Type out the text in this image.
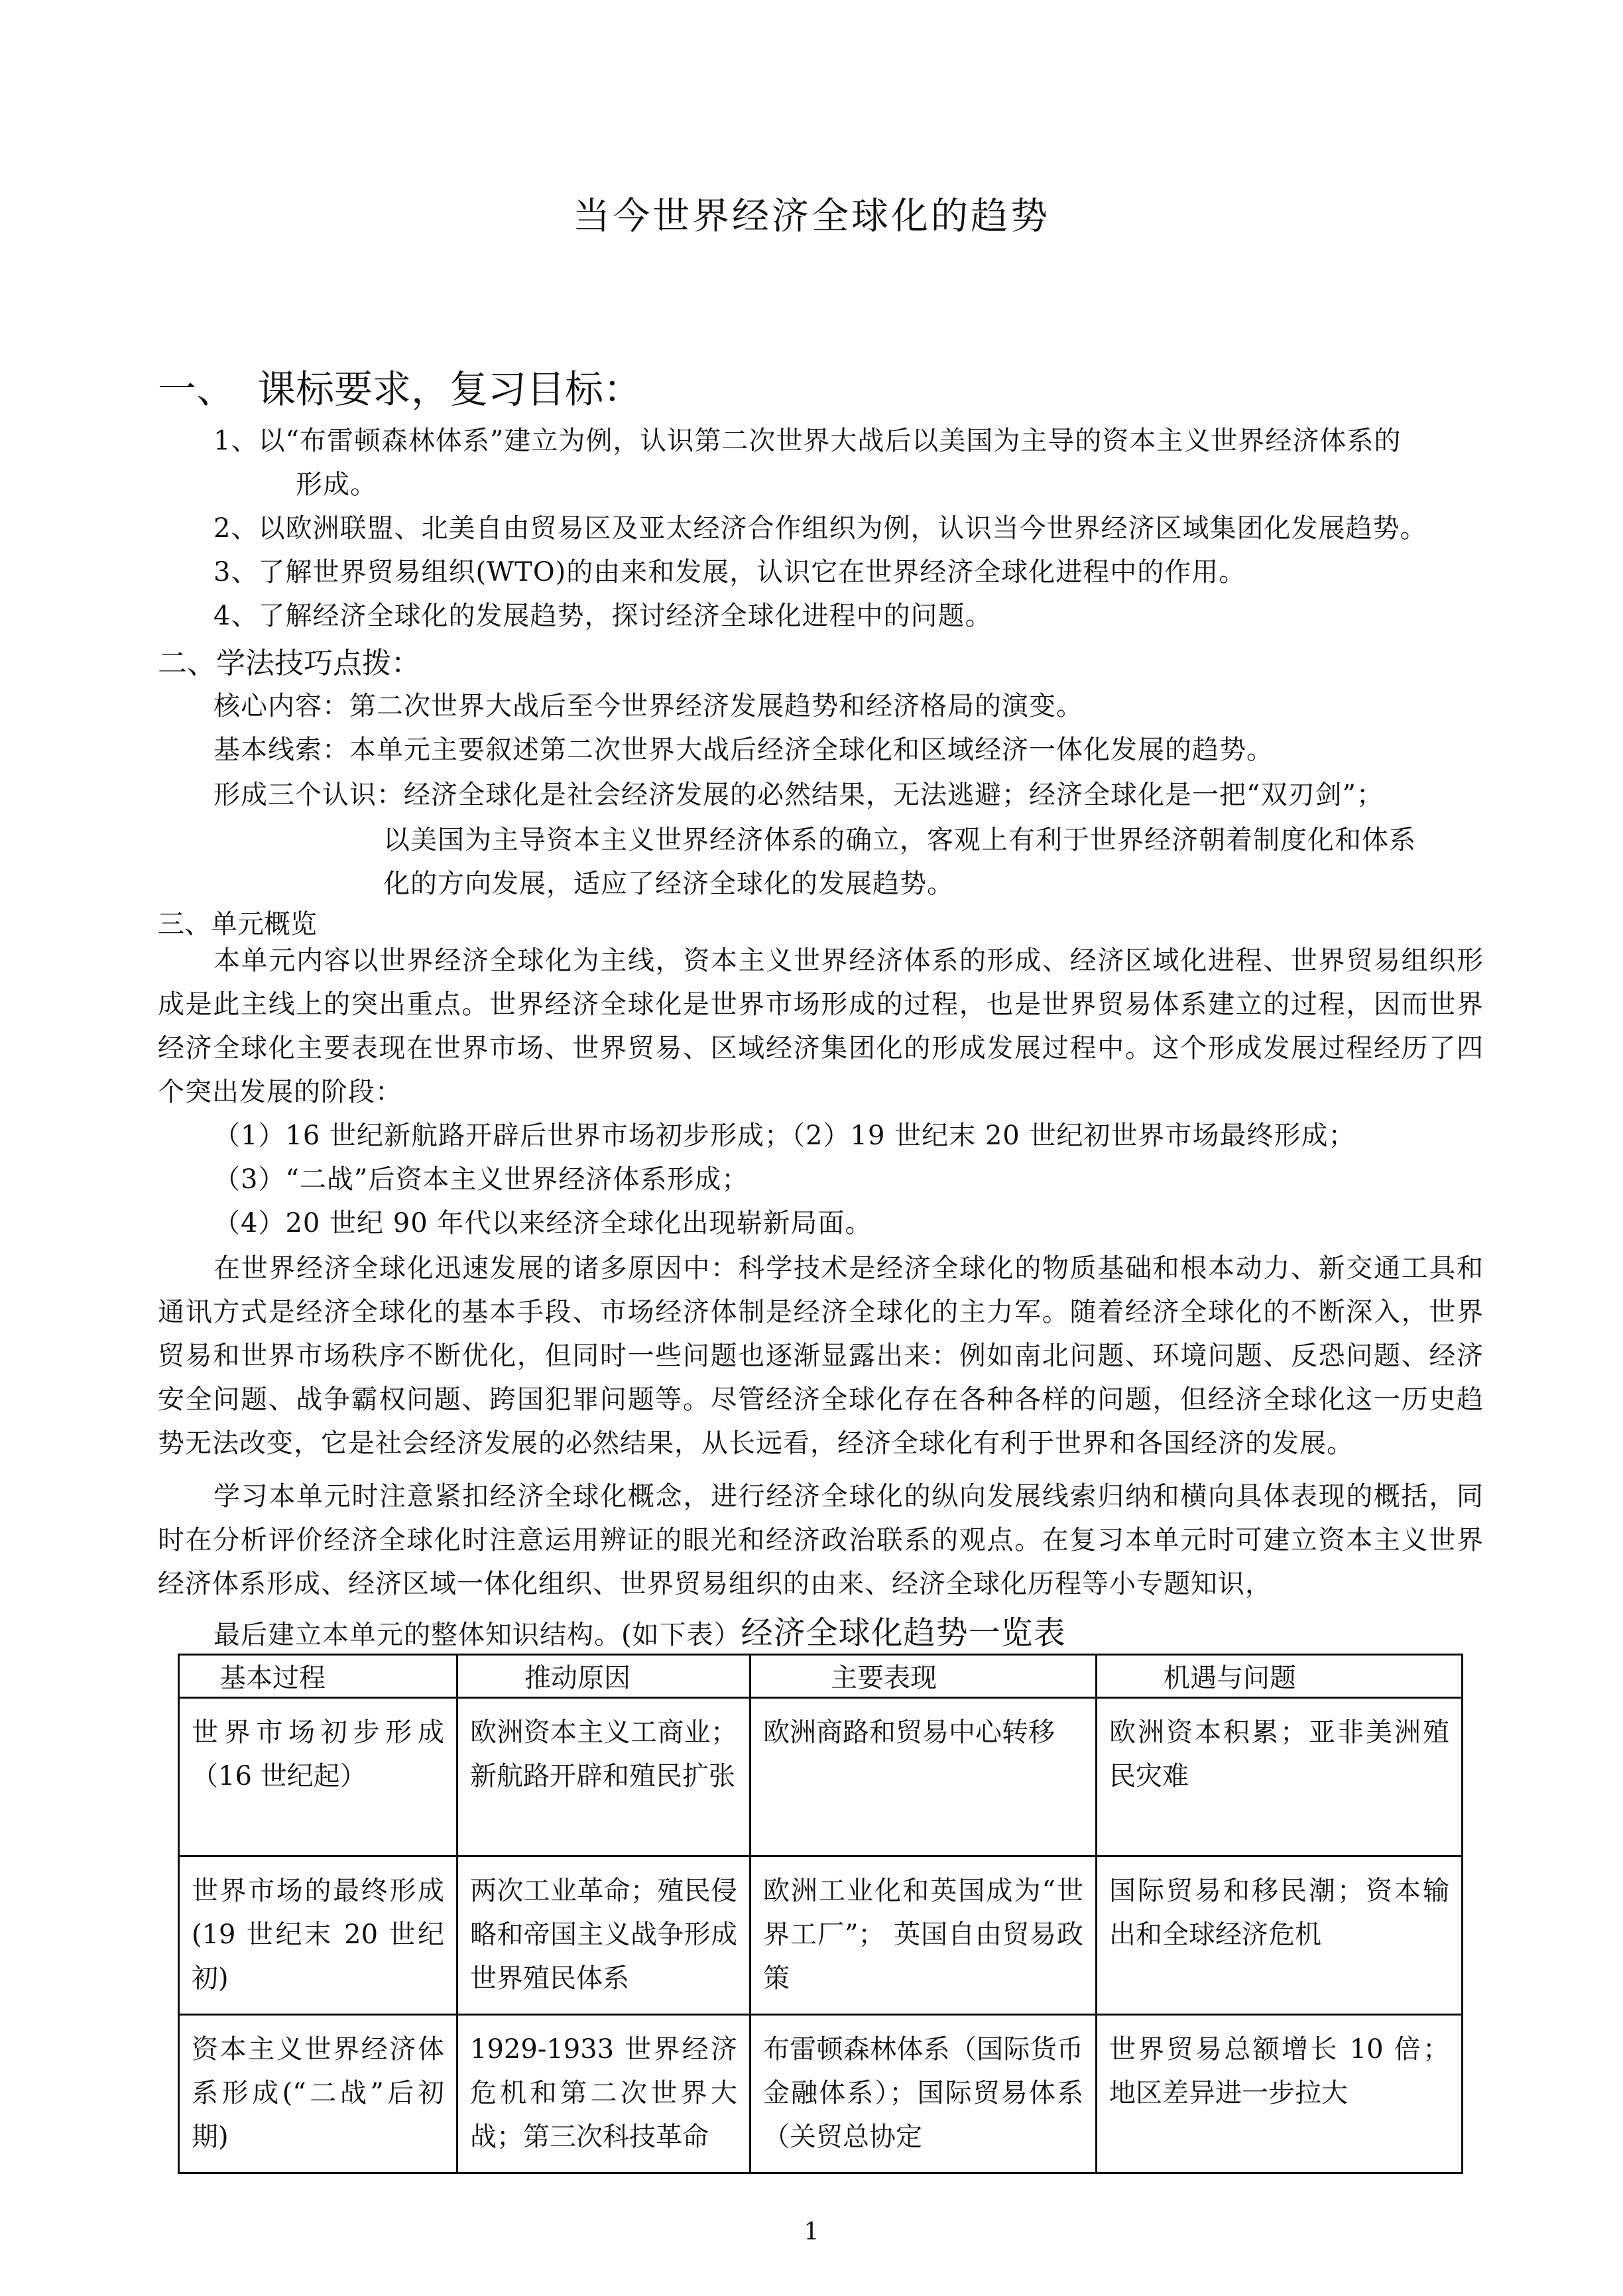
当今世界经济全球化的趋势
一、 课标要求，复习目标：
1、以“布雷顿森林体系”建立为例，认识第二次世界大战后以美国为主导的资本主义世界经济体系的
形成。
2、以欧洲联盟、北美自由贸易区及亚太经济合作组织为例，认识当今世界经济区域集团化发展趋势。
3、了解世界贸易组织(WTO)的由来和发展，认识它在世界经济全球化进程中的作用。
4、了解经济全球化的发展趋势，探讨经济全球化进程中的问题。
二、学法技巧点拨：
核心内容：第二次世界大战后至今世界经济发展趋势和经济格局的演变。
基本线索：本单元主要叙述第二次世界大战后经济全球化和区域经济一体化发展的趋势。
形成三个认识：经济全球化是社会经济发展的必然结果，无法逃避；经济全球化是一把“双刃剑”；
以美国为主导资本主义世界经济体系的确立，客观上有利于世界经济朝着制度化和体系
化的方向发展，适应了经济全球化的发展趋势。
三、单元概览
本单元内容以世界经济全球化为主线，资本主义世界经济体系的形成、经济区域化进程、世界贸易组织形成是此主线上的突出重点。世界经济全球化是世界市场形成的过程，也是世界贸易体系建立的过程，因而世界经济全球化主要表现在世界市场、世界贸易、区域经济集团化的形成发展过程中。这个形成发展过程经历了四个突出发展的阶段：
（1）16 世纪新航路开辟后世界市场初步形成；（2）19 世纪末 20 世纪初世界市场最终形成；
（3）“二战”后资本主义世界经济体系形成；
（4）20 世纪 90 年代以来经济全球化出现崭新局面。
在世界经济全球化迅速发展的诸多原因中：科学技术是经济全球化的物质基础和根本动力、新交通工具和通讯方式是经济全球化的基本手段、市场经济体制是经济全球化的主力军。随着经济全球化的不断深入，世界贸易和世界市场秩序不断优化，但同时一些问题也逐渐显露出来：例如南北问题、环境问题、反恐问题、经济安全问题、战争霸权问题、跨国犯罪问题等。尽管经济全球化存在各种各样的问题，但经济全球化这一历史趋势无法改变，它是社会经济发展的必然结果，从长远看，经济全球化有利于世界和各国经济的发展。
学习本单元时注意紧扣经济全球化概念，进行经济全球化的纵向发展线索归纳和横向具体表现的概括，同时在分析评价经济全球化时注意运用辨证的眼光和经济政治联系的观点。在复习本单元时可建立资本主义世界经济体系形成、经济区域一体化组织、世界贸易组织的由来、经济全球化历程等小专题知识，
最后建立本单元的整体知识结构。(如下表）经济全球化趋势一览表
基本过程	推动原因	主要表现	机遇与问题
世界市场初步形成（16 世纪起）	欧洲资本主义工商业；新航路开辟和殖民扩张	欧洲商路和贸易中心转移	欧洲资本积累；亚非美洲殖民灾难
世界市场的最终形成(19 世纪末 20 世纪初)	两次工业革命；殖民侵略和帝国主义战争形成世界殖民体系	欧洲工业化和英国成为“世界工厂”； 英国自由贸易政策	国际贸易和移民潮；资本输出和全球经济危机
资本主义世界经济体系形成(“二战”后初期)	1929-1933 世界经济危机和第二次世界大战；第三次科技革命	布雷顿森林体系（国际货币金融体系）；国际贸易体系（关贸总协定	世界贸易总额增长 10 倍；地区差异进一步拉大
1
